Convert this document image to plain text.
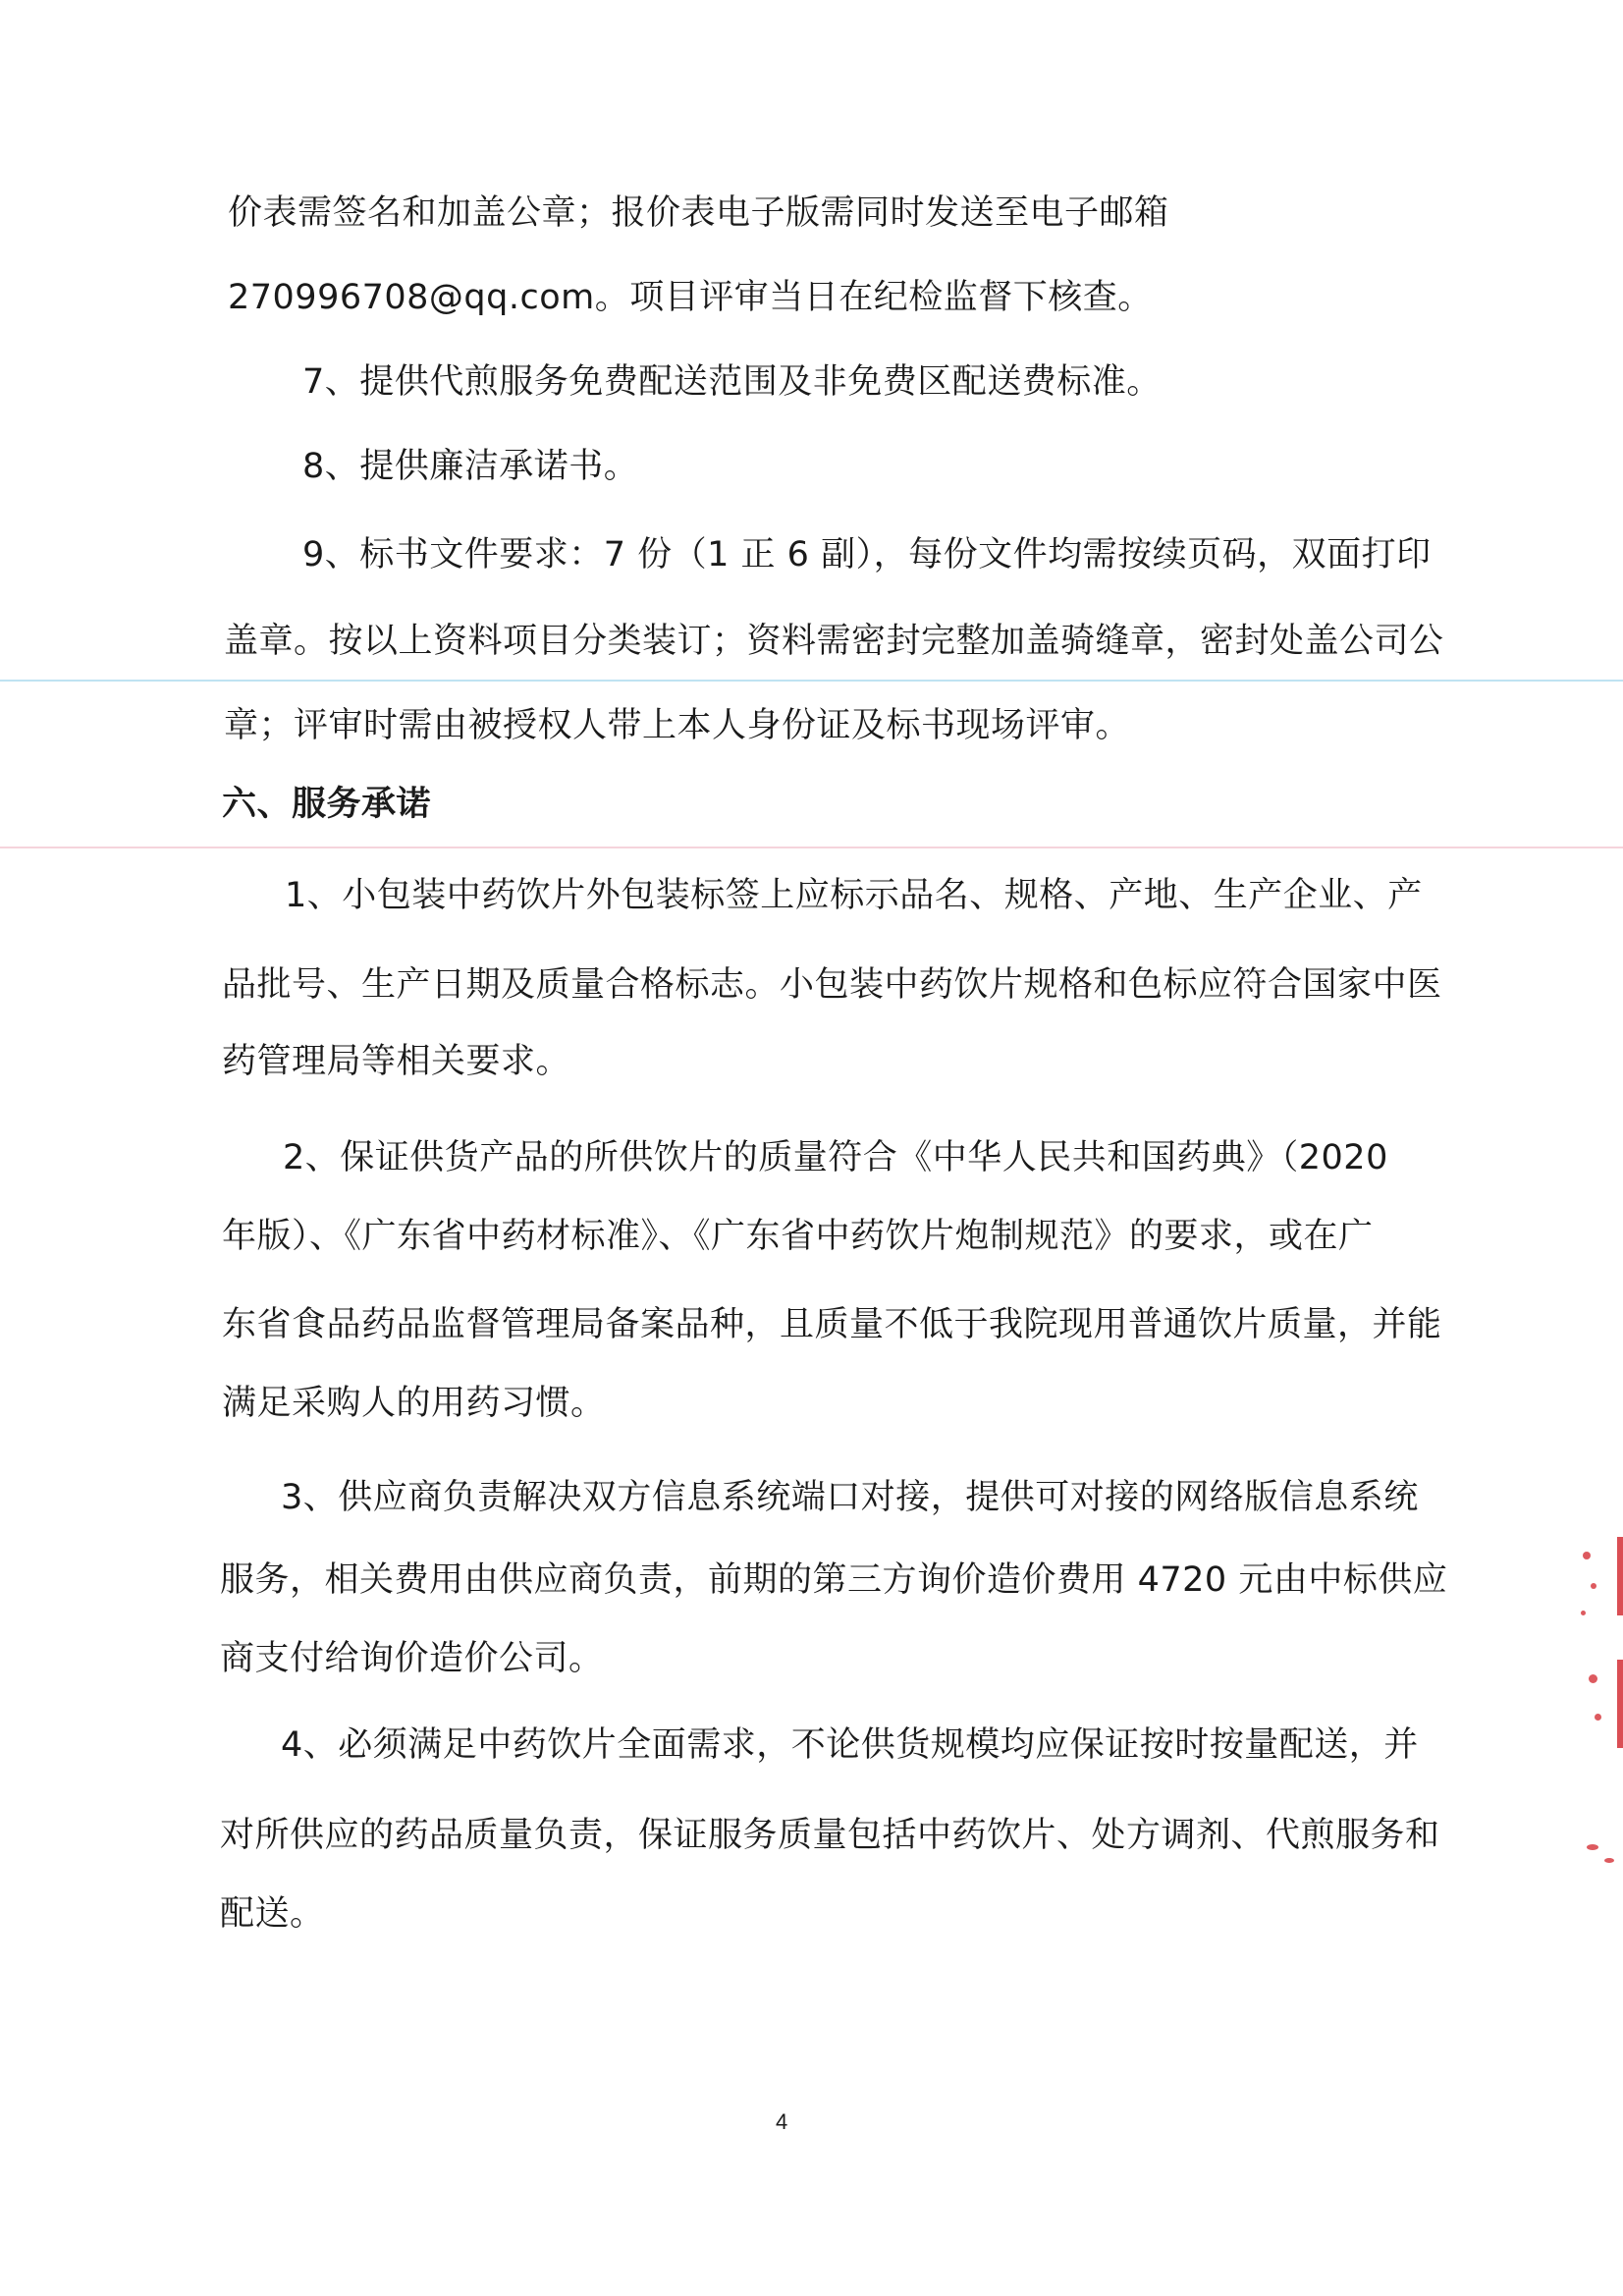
价表需签名和加盖公章；报价表电子版需同时发送至电子邮箱
270996708@qq.com。项目评审当日在纪检监督下核查。
7、提供代煎服务免费配送范围及非免费区配送费标准。
8、提供廉洁承诺书。
9、标书文件要求：7 份（1 正 6 副），每份文件均需按续页码，双面打印
盖章。按以上资料项目分类装订；资料需密封完整加盖骑缝章，密封处盖公司公
章；评审时需由被授权人带上本人身份证及标书现场评审。
六、服务承诺
1、小包装中药饮片外包装标签上应标示品名、规格、产地、生产企业、产
品批号、生产日期及质量合格标志。小包装中药饮片规格和色标应符合国家中医
药管理局等相关要求。
2、保证供货产品的所供饮片的质量符合《中华人民共和国药典》（2020
年版）、《广东省中药材标准》、《广东省中药饮片炮制规范》的要求，或在广
东省食品药品监督管理局备案品种，且质量不低于我院现用普通饮片质量，并能
满足采购人的用药习惯。
3、供应商负责解决双方信息系统端口对接，提供可对接的网络版信息系统
服务，相关费用由供应商负责，前期的第三方询价造价费用 4720 元由中标供应
商支付给询价造价公司。
4、必须满足中药饮片全面需求，不论供货规模均应保证按时按量配送，并
对所供应的药品质量负责，保证服务质量包括中药饮片、处方调剂、代煎服务和
配送。
4
